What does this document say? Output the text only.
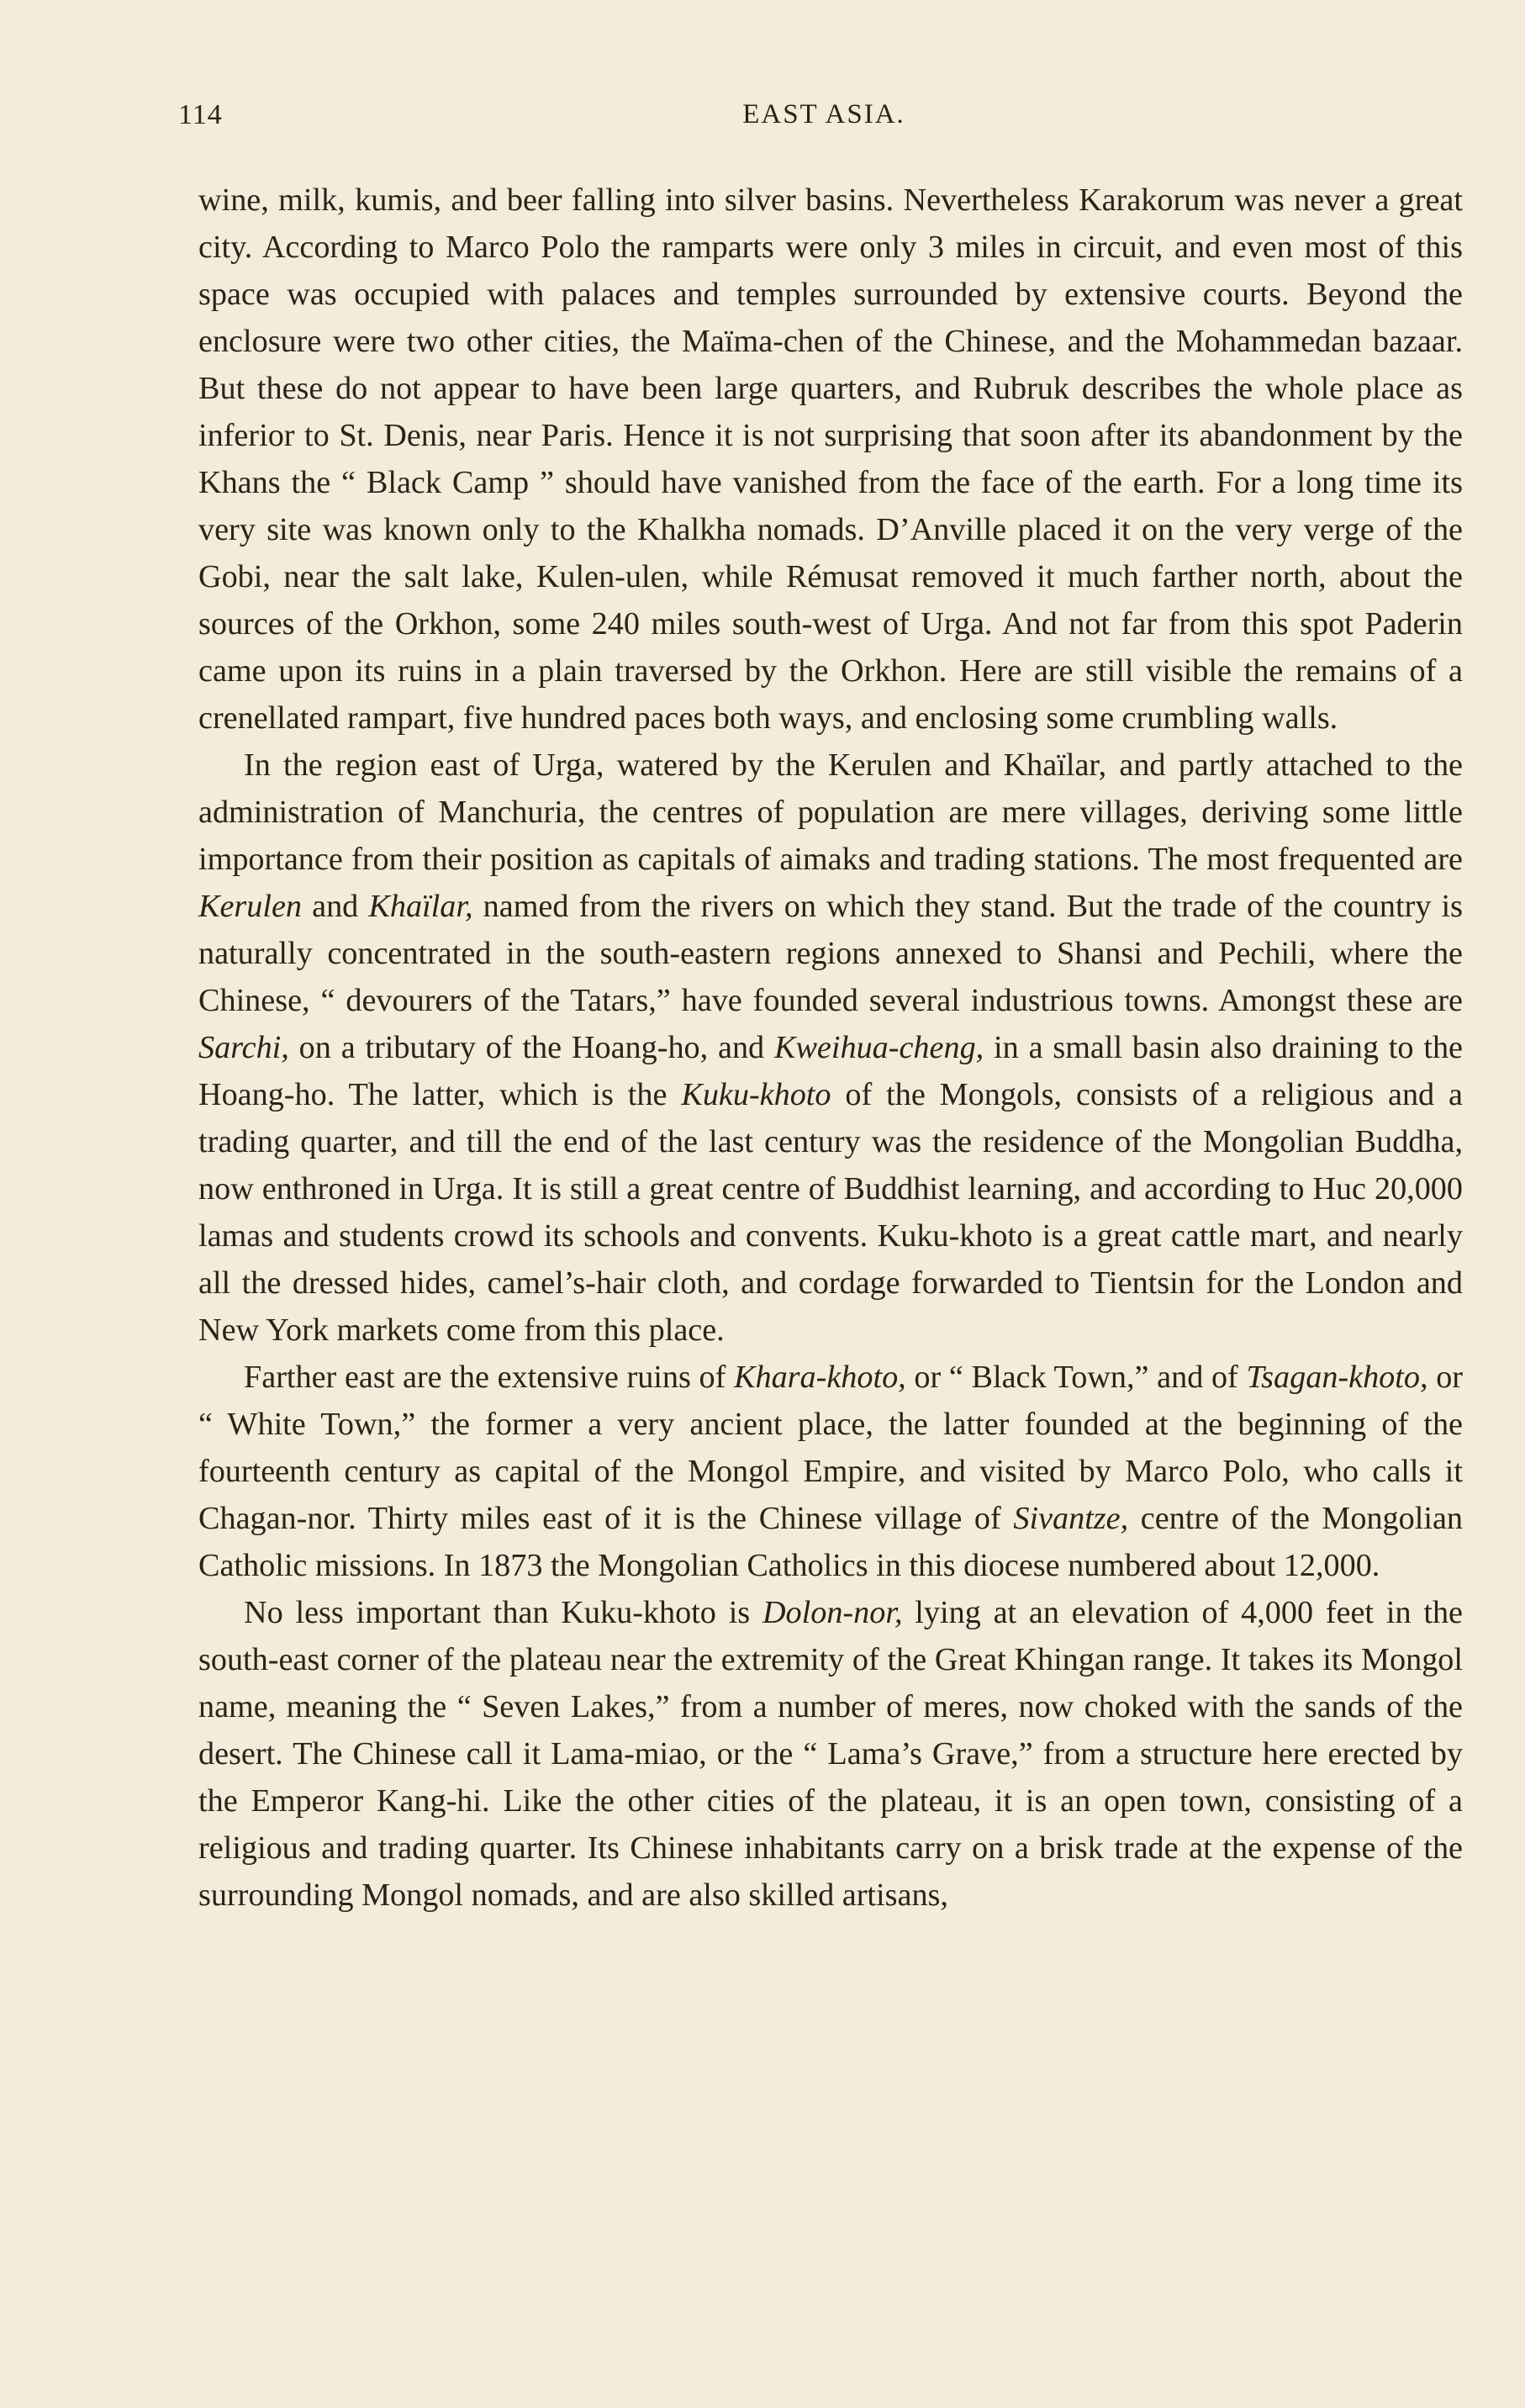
114	EAST ASIA.

wine, milk, kumis, and beer falling into silver basins. Nevertheless Karakorum was never a great city. According to Marco Polo the ramparts were only 3 miles in circuit, and even most of this space was occupied with palaces and temples surrounded by extensive courts. Beyond the enclosure were two other cities, the Maïma-chen of the Chinese, and the Mohammedan bazaar. But these do not appear to have been large quarters, and Rubruk describes the whole place as inferior to St. Denis, near Paris. Hence it is not surprising that soon after its abandonment by the Khans the “ Black Camp ” should have vanished from the face of the earth. For a long time its very site was known only to the Khalkha nomads. D’Anville placed it on the very verge of the Gobi, near the salt lake, Kulen-ulen, while Rémusat removed it much farther north, about the sources of the Orkhon, some 240 miles south-west of Urga. And not far from this spot Paderin came upon its ruins in a plain traversed by the Orkhon. Here are still visible the remains of a crenellated rampart, five hundred paces both ways, and enclosing some crumbling walls.

In the region east of Urga, watered by the Kerulen and Khaïlar, and partly attached to the administration of Manchuria, the centres of population are mere villages, deriving some little importance from their position as capitals of aimaks and trading stations. The most frequented are Kerulen and Khaïlar, named from the rivers on which they stand. But the trade of the country is naturally concentrated in the south-eastern regions annexed to Shansi and Pechili, where the Chinese, “ devourers of the Tatars,” have founded several industrious towns. Amongst these are Sarchi, on a tributary of the Hoang-ho, and Kweihua-cheng, in a small basin also draining to the Hoang-ho. The latter, which is the Kuku-khoto of the Mongols, consists of a religious and a trading quarter, and till the end of the last century was the residence of the Mongolian Buddha, now enthroned in Urga. It is still a great centre of Buddhist learning, and according to Huc 20,000 lamas and students crowd its schools and convents. Kuku-khoto is a great cattle mart, and nearly all the dressed hides, camel’s-hair cloth, and cordage forwarded to Tientsin for the London and New York markets come from this place.

Farther east are the extensive ruins of Khara-khoto, or “ Black Town,” and of Tsagan-khoto, or “ White Town,” the former a very ancient place, the latter founded at the beginning of the fourteenth century as capital of the Mongol Empire, and visited by Marco Polo, who calls it Chagan-nor. Thirty miles east of it is the Chinese village of Sivantze, centre of the Mongolian Catholic missions. In 1873 the Mongolian Catholics in this diocese numbered about 12,000.

No less important than Kuku-khoto is Dolon-nor, lying at an elevation of 4,000 feet in the south-east corner of the plateau near the extremity of the Great Khingan range. It takes its Mongol name, meaning the “ Seven Lakes,” from a number of meres, now choked with the sands of the desert. The Chinese call it Lama-miao, or the “ Lama’s Grave,” from a structure here erected by the Emperor Kang-hi. Like the other cities of the plateau, it is an open town, consisting of a religious and trading quarter. Its Chinese inhabitants carry on a brisk trade at the expense of the surrounding Mongol nomads, and are also skilled artisans,
